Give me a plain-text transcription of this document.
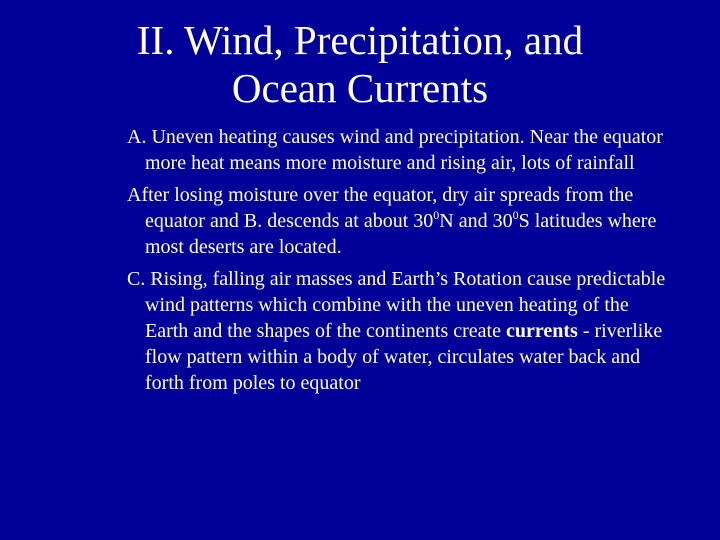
II. Wind, Precipitation, and
Ocean Currents

A. Uneven heating causes wind and precipitation. Near the equator more heat means more moisture and rising air, lots of rainfall

After losing moisture over the equator, dry air spreads from the equator and B. descends at about $30^0N$ and $30^0S$ latitudes where most deserts are located.

C. Rising, falling air masses and Earth’s Rotation cause predictable wind patterns which combine with the uneven heating of the Earth and the shapes of the continents create currents - riverlike flow pattern within a body of water, circulates water back and forth from poles to equator
